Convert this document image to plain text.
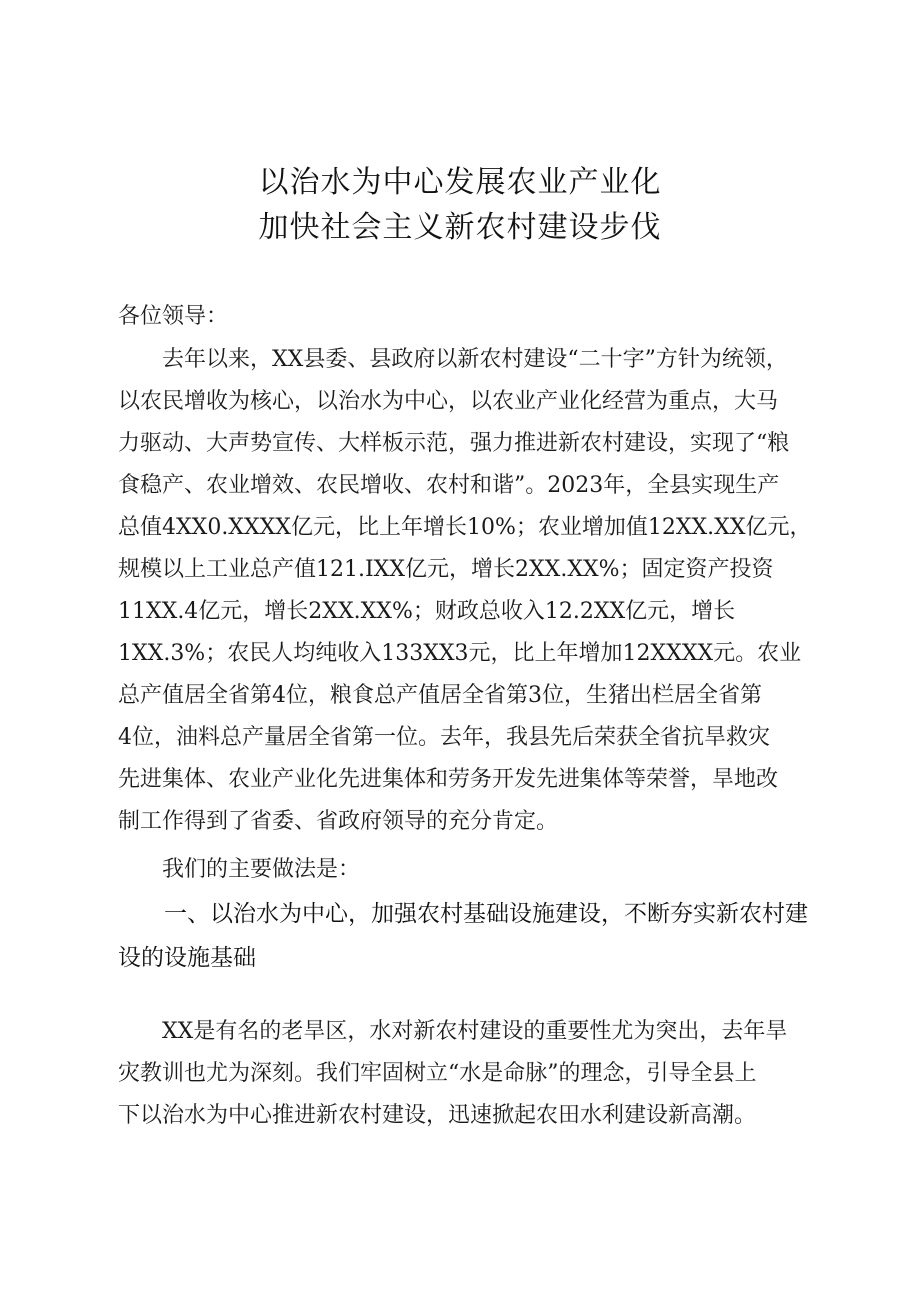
以治水为中心发展农业产业化
加快社会主义新农村建设步伐
各位领导：
　　去年以来，XX县委、县政府以新农村建设“二十字”方针为统领，
以农民增收为核心，以治水为中心，以农业产业化经营为重点，大马
力驱动、大声势宣传、大样板示范，强力推进新农村建设，实现了“粮
食稳产、农业增效、农民增收、农村和谐”。2023年，全县实现生产
总值4XX0.XXXX亿元，比上年增长10%；农业增加值12XX.XX亿元，
规模以上工业总产值121.IXX亿元，增长2XX.XX%；固定资产投资
11XX.4亿元，增长2XX.XX%；财政总收入12.2XX亿元，增长
1XX.3%；农民人均纯收入133XX3元，比上年增加12XXXX元。农业
总产值居全省第4位，粮食总产值居全省第3位，生猪出栏居全省第
4位，油料总产量居全省第一位。去年，我县先后荣获全省抗旱救灾
先进集体、农业产业化先进集体和劳务开发先进集体等荣誉，旱地改
制工作得到了省委、省政府领导的充分肯定。
　　我们的主要做法是：
　　一、以治水为中心，加强农村基础设施建设，不断夯实新农村建
设的设施基础
　　XX是有名的老旱区，水对新农村建设的重要性尤为突出，去年旱
灾教训也尤为深刻。我们牢固树立“水是命脉”的理念，引导全县上
下以治水为中心推进新农村建设，迅速掀起农田水利建设新高潮。
